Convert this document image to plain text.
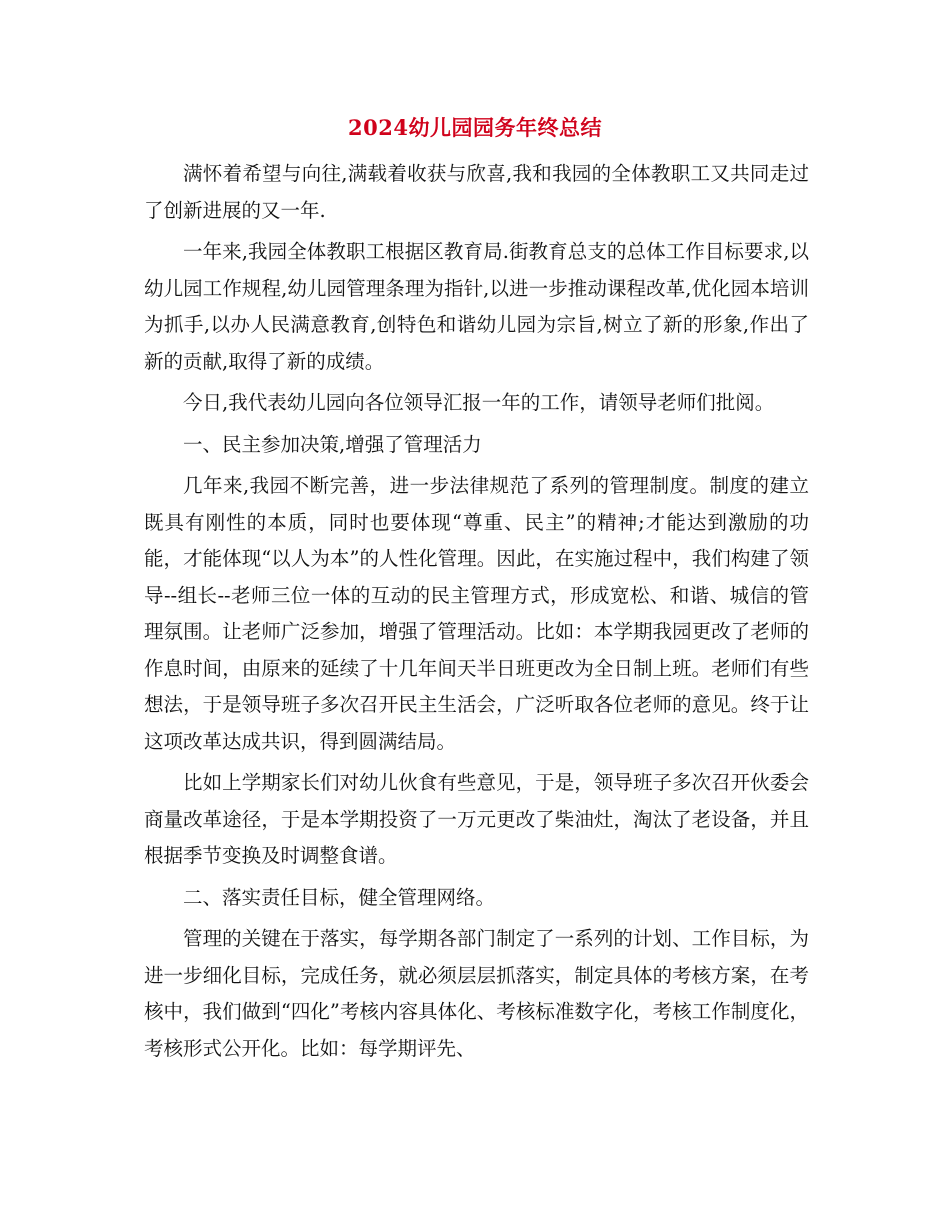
2024幼儿园园务年终总结

满怀着希望与向往,满载着收获与欣喜,我和我园的全体教职工又共同走过了创新进展的又一年.

一年来,我园全体教职工根据区教育局.街教育总支的总体工作目标要求,以幼儿园工作规程,幼儿园管理条理为指针,以进一步推动课程改革,优化园本培训为抓手,以办人民满意教育,创特色和谐幼儿园为宗旨,树立了新的形象,作出了新的贡献,取得了新的成绩。

今日,我代表幼儿园向各位领导汇报一年的工作，请领导老师们批阅。

一、民主参加决策,增强了管理活力

几年来,我园不断完善，进一步法律规范了系列的管理制度。制度的建立既具有刚性的本质，同时也要体现“尊重、民主”的精神;才能达到激励的功能，才能体现“以人为本”的人性化管理。因此，在实施过程中，我们构建了领导--组长--老师三位一体的互动的民主管理方式，形成宽松、和谐、城信的管理氛围。让老师广泛参加，增强了管理活动。比如：本学期我园更改了老师的作息时间，由原来的延续了十几年间天半日班更改为全日制上班。老师们有些想法，于是领导班子多次召开民主生活会，广泛听取各位老师的意见。终于让这项改革达成共识，得到圆满结局。

比如上学期家长们对幼儿伙食有些意见，于是，领导班子多次召开伙委会商量改革途径，于是本学期投资了一万元更改了柴油灶，淘汰了老设备，并且根据季节变换及时调整食谱。

二、落实责任目标，健全管理网络。

管理的关键在于落实，每学期各部门制定了一系列的计划、工作目标，为进一步细化目标，完成任务，就必须层层抓落实，制定具体的考核方案，在考核中，我们做到“四化”考核内容具体化、考核标准数字化，考核工作制度化，考核形式公开化。比如：每学期评先、
